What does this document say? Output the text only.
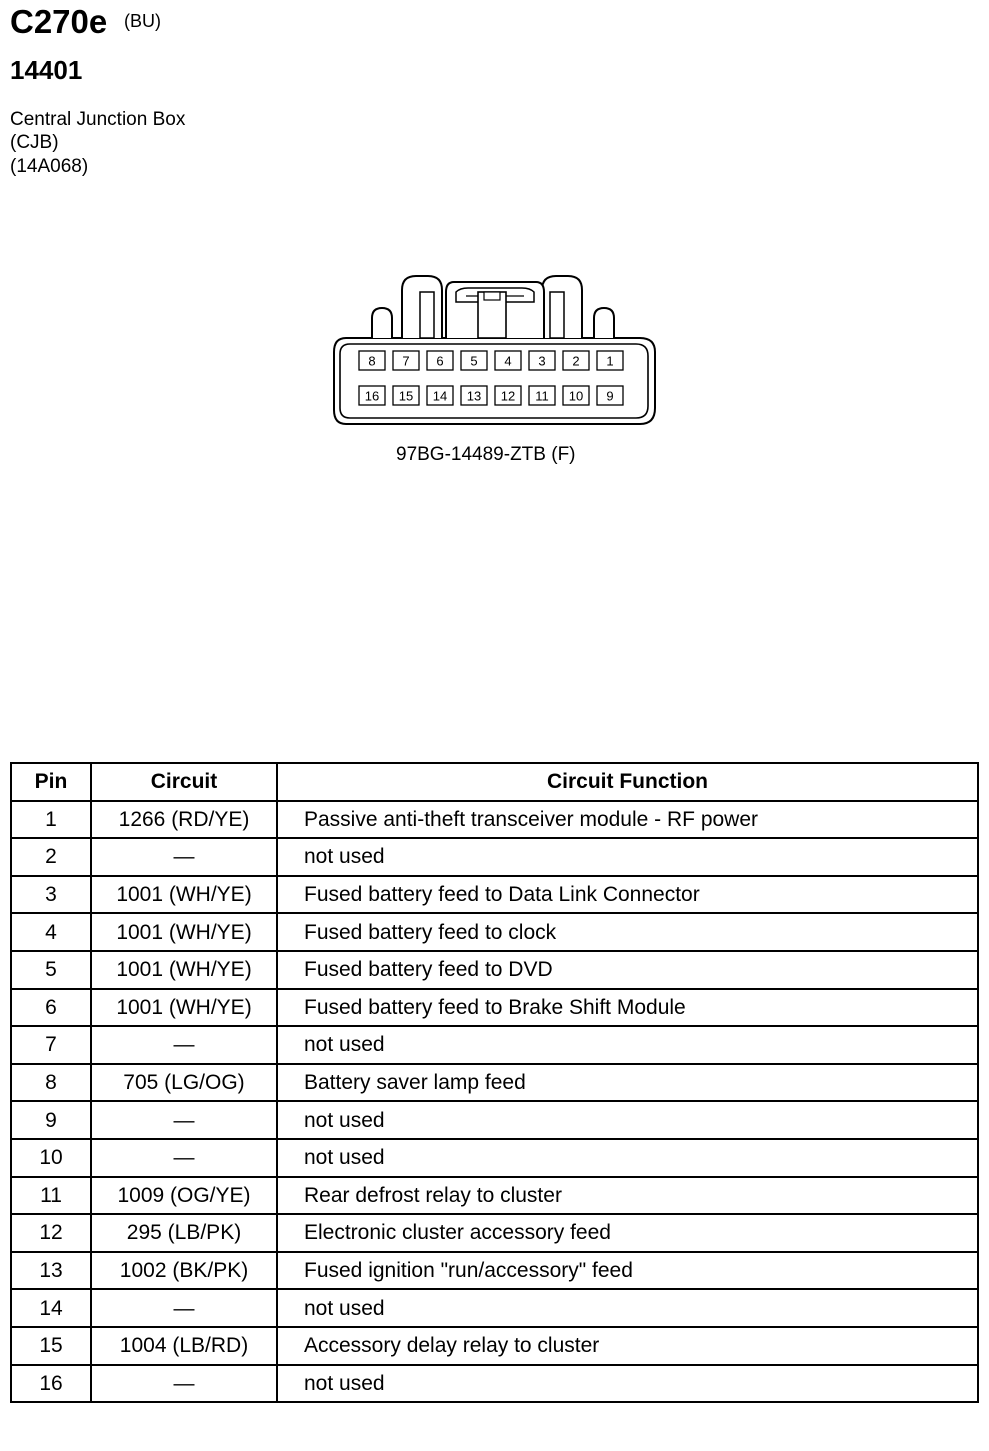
C270e (BU)
14401
Central Junction Box
(CJB)
(14A068)
8 7 6 5 4 3 2 1
16 15 14 13 12 11 10 9
97BG-14489-ZTB (F)
Pin	Circuit	Circuit Function
1	1266 (RD/YE)	Passive anti-theft transceiver module - RF power
2	—	not used
3	1001 (WH/YE)	Fused battery feed to Data Link Connector
4	1001 (WH/YE)	Fused battery feed to clock
5	1001 (WH/YE)	Fused battery feed to DVD
6	1001 (WH/YE)	Fused battery feed to Brake Shift Module
7	—	not used
8	705 (LG/OG)	Battery saver lamp feed
9	—	not used
10	—	not used
11	1009 (OG/YE)	Rear defrost relay to cluster
12	295 (LB/PK)	Electronic cluster accessory feed
13	1002 (BK/PK)	Fused ignition "run/accessory" feed
14	—	not used
15	1004 (LB/RD)	Accessory delay relay to cluster
16	—	not used
